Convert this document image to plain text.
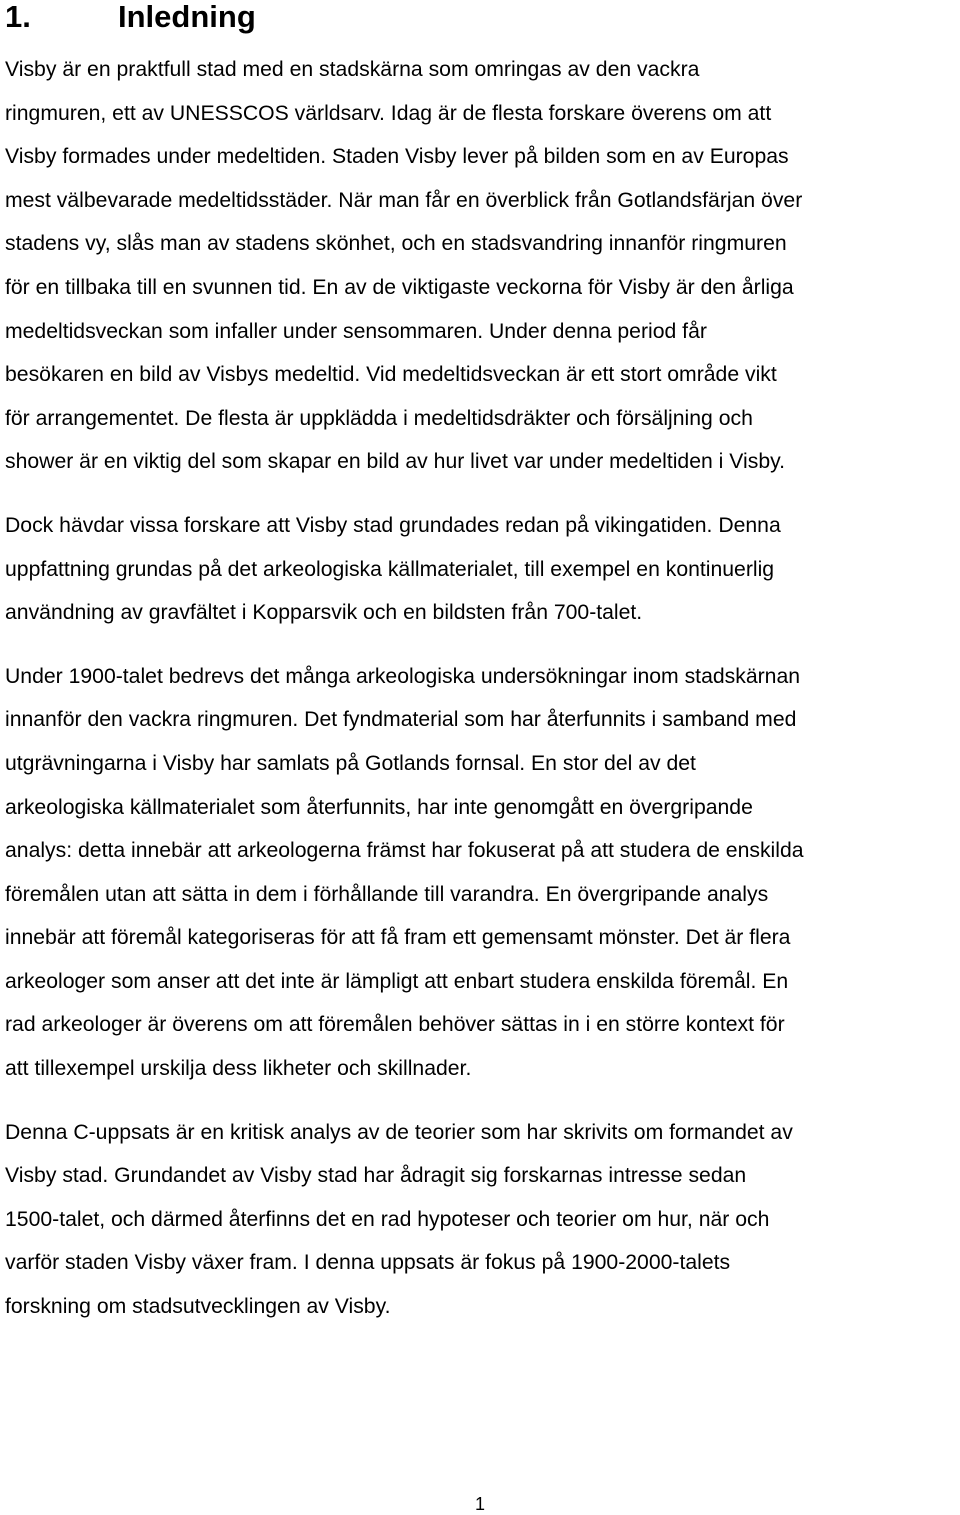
1.	Inledning

Visby är en praktfull stad med en stadskärna som omringas av den vackra
ringmuren, ett av UNESSCOS världsarv. Idag är de flesta forskare överens om att
Visby formades under medeltiden. Staden Visby lever på bilden som en av Europas
mest välbevarade medeltidsstäder. När man får en överblick från Gotlandsfärjan över
stadens vy, slås man av stadens skönhet, och en stadsvandring innanför ringmuren
för en tillbaka till en svunnen tid. En av de viktigaste veckorna för Visby är den årliga
medeltidsveckan som infaller under sensommaren. Under denna period får
besökaren en bild av Visbys medeltid. Vid medeltidsveckan är ett stort område vikt
för arrangementet. De flesta är uppklädda i medeltidsdräkter och försäljning och
shower är en viktig del som skapar en bild av hur livet var under medeltiden i Visby.

Dock hävdar vissa forskare att Visby stad grundades redan på vikingatiden. Denna
uppfattning grundas på det arkeologiska källmaterialet, till exempel en kontinuerlig
användning av gravfältet i Kopparsvik och en bildsten från 700-talet.

Under 1900-talet bedrevs det många arkeologiska undersökningar inom stadskärnan
innanför den vackra ringmuren. Det fyndmaterial som har återfunnits i samband med
utgrävningarna i Visby har samlats på Gotlands fornsal. En stor del av det
arkeologiska källmaterialet som återfunnits, har inte genomgått en övergripande
analys: detta innebär att arkeologerna främst har fokuserat på att studera de enskilda
föremålen utan att sätta in dem i förhållande till varandra. En övergripande analys
innebär att föremål kategoriseras för att få fram ett gemensamt mönster. Det är flera
arkeologer som anser att det inte är lämpligt att enbart studera enskilda föremål. En
rad arkeologer är överens om att föremålen behöver sättas in i en större kontext för
att tillexempel urskilja dess likheter och skillnader.

Denna C-uppsats är en kritisk analys av de teorier som har skrivits om formandet av
Visby stad. Grundandet av Visby stad har ådragit sig forskarnas intresse sedan
1500-talet, och därmed återfinns det en rad hypoteser och teorier om hur, när och
varför staden Visby växer fram. I denna uppsats är fokus på 1900-2000-talets
forskning om stadsutvecklingen av Visby.

1
